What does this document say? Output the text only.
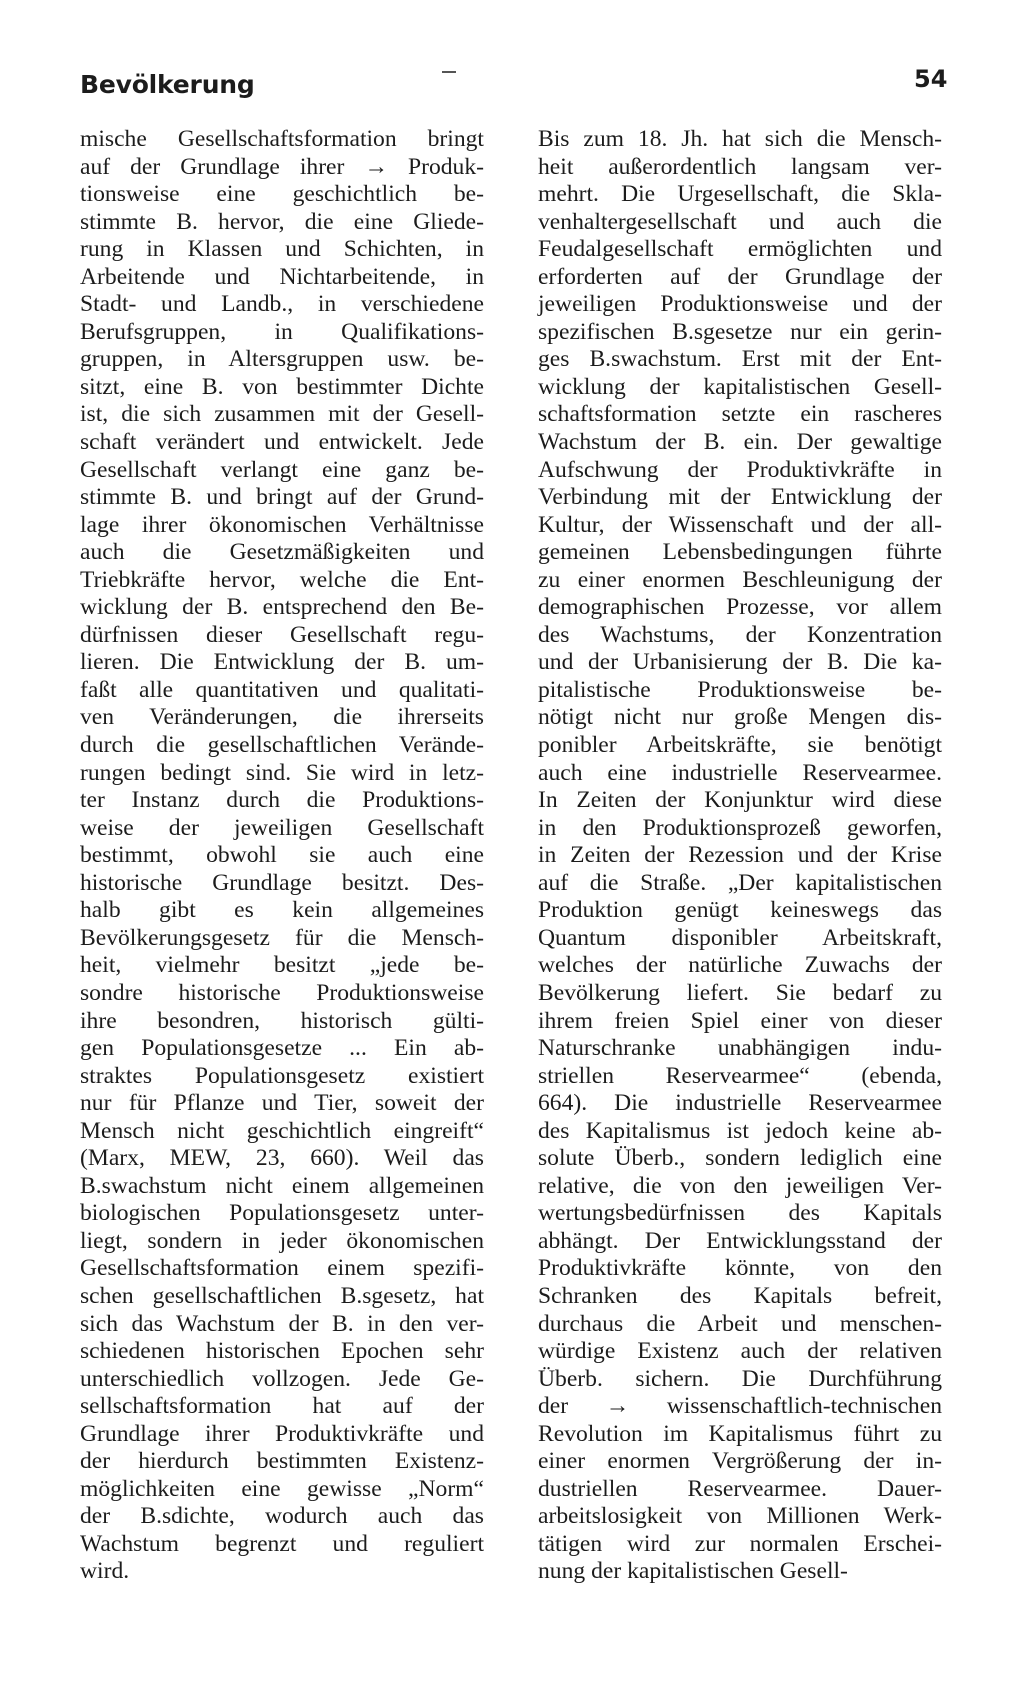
Bevölkerung	54
mische Gesellschaftsformation bringt
auf der Grundlage ihrer → Produk-
tionsweise eine geschichtlich be-
stimmte B. hervor, die eine Gliede-
rung in Klassen und Schichten, in
Arbeitende und Nichtarbeitende, in
Stadt- und Landb., in verschiedene
Berufsgruppen, in Qualifikations-
gruppen, in Altersgruppen usw. be-
sitzt, eine B. von bestimmter Dichte
ist, die sich zusammen mit der Gesell-
schaft verändert und entwickelt. Jede
Gesellschaft verlangt eine ganz be-
stimmte B. und bringt auf der Grund-
lage ihrer ökonomischen Verhältnisse
auch die Gesetzmäßigkeiten und
Triebkräfte hervor, welche die Ent-
wicklung der B. entsprechend den Be-
dürfnissen dieser Gesellschaft regu-
lieren. Die Entwicklung der B. um-
faßt alle quantitativen und qualitati-
ven Veränderungen, die ihrerseits
durch die gesellschaftlichen Verände-
rungen bedingt sind. Sie wird in letz-
ter Instanz durch die Produktions-
weise der jeweiligen Gesellschaft
bestimmt, obwohl sie auch eine
historische Grundlage besitzt. Des-
halb gibt es kein allgemeines
Bevölkerungsgesetz für die Mensch-
heit, vielmehr besitzt „jede be-
sondre historische Produktionsweise
ihre besondren, historisch gülti-
gen Populationsgesetze ... Ein ab-
straktes Populationsgesetz existiert
nur für Pflanze und Tier, soweit der
Mensch nicht geschichtlich eingreift“
(Marx, MEW, 23, 660). Weil das
B.swachstum nicht einem allgemeinen
biologischen Populationsgesetz unter-
liegt, sondern in jeder ökonomischen
Gesellschaftsformation einem spezifi-
schen gesellschaftlichen B.sgesetz, hat
sich das Wachstum der B. in den ver-
schiedenen historischen Epochen sehr
unterschiedlich vollzogen. Jede Ge-
sellschaftsformation hat auf der
Grundlage ihrer Produktivkräfte und
der hierdurch bestimmten Existenz-
möglichkeiten eine gewisse „Norm“
der B.sdichte, wodurch auch das
Wachstum begrenzt und reguliert
wird.
Bis zum 18. Jh. hat sich die Mensch-
heit außerordentlich langsam ver-
mehrt. Die Urgesellschaft, die Skla-
venhaltergesellschaft und auch die
Feudalgesellschaft ermöglichten und
erforderten auf der Grundlage der
jeweiligen Produktionsweise und der
spezifischen B.sgesetze nur ein gerin-
ges B.swachstum. Erst mit der Ent-
wicklung der kapitalistischen Gesell-
schaftsformation setzte ein rascheres
Wachstum der B. ein. Der gewaltige
Aufschwung der Produktivkräfte in
Verbindung mit der Entwicklung der
Kultur, der Wissenschaft und der all-
gemeinen Lebensbedingungen führte
zu einer enormen Beschleunigung der
demographischen Prozesse, vor allem
des Wachstums, der Konzentration
und der Urbanisierung der B. Die ka-
pitalistische Produktionsweise be-
nötigt nicht nur große Mengen dis-
ponibler Arbeitskräfte, sie benötigt
auch eine industrielle Reservearmee.
In Zeiten der Konjunktur wird diese
in den Produktionsprozeß geworfen,
in Zeiten der Rezession und der Krise
auf die Straße. „Der kapitalistischen
Produktion genügt keineswegs das
Quantum disponibler Arbeitskraft,
welches der natürliche Zuwachs der
Bevölkerung liefert. Sie bedarf zu
ihrem freien Spiel einer von dieser
Naturschranke unabhängigen indu-
striellen Reservearmee“ (ebenda,
664). Die industrielle Reservearmee
des Kapitalismus ist jedoch keine ab-
solute Überb., sondern lediglich eine
relative, die von den jeweiligen Ver-
wertungsbedürfnissen des Kapitals
abhängt. Der Entwicklungsstand der
Produktivkräfte könnte, von den
Schranken des Kapitals befreit,
durchaus die Arbeit und menschen-
würdige Existenz auch der relativen
Überb. sichern. Die Durchführung
der → wissenschaftlich-technischen
Revolution im Kapitalismus führt zu
einer enormen Vergrößerung der in-
dustriellen Reservearmee. Dauer-
arbeitslosigkeit von Millionen Werk-
tätigen wird zur normalen Erschei-
nung der kapitalistischen Gesell-
